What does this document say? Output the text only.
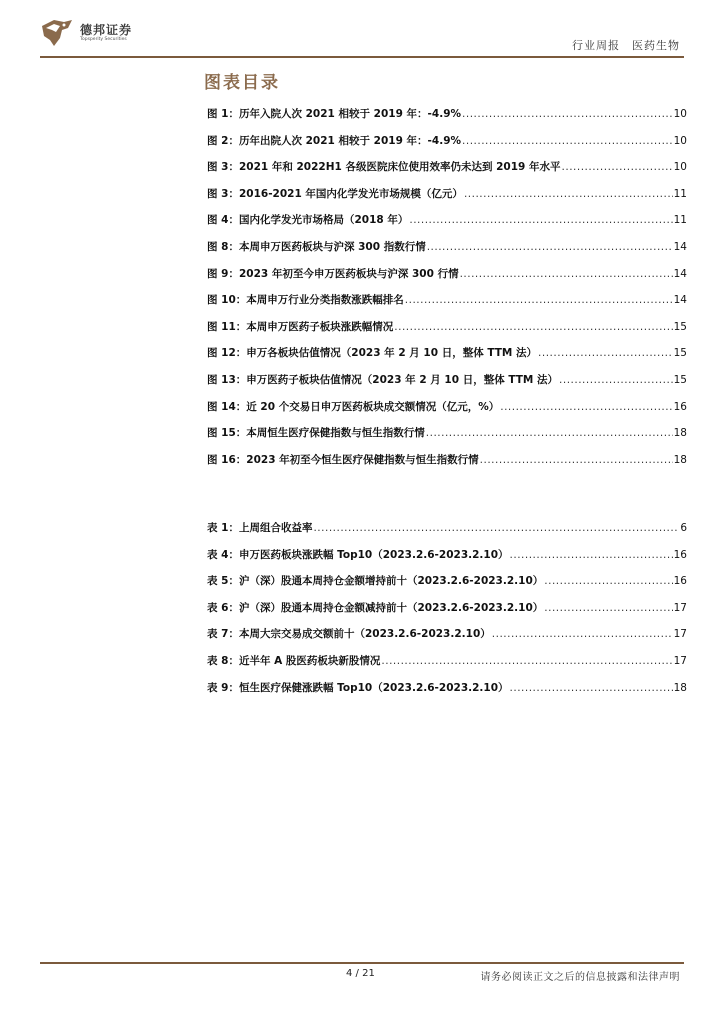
德邦证券
Topsperity Securities	行业周报 医药生物
图表目录
图 1： 历年入院人次 2021 相较于 2019 年：-4.9% .....	10
图 2： 历年出院人次 2021 相较于 2019 年：-4.9% .....	10
图 3： 2021 年和 2022H1 各级医院床位使用效率仍未达到 2019 年水平 .....	10
图 3： 2016-2021 年国内化学发光市场规模（亿元） .....	11
图 4： 国内化学发光市场格局（2018 年） .....	11
图 8： 本周申万医药板块与沪深 300 指数行情 .....	14
图 9： 2023 年初至今申万医药板块与沪深 300 行情 .....	14
图 10： 本周申万行业分类指数涨跌幅排名 .....	14
图 11： 本周申万医药子板块涨跌幅情况 .....	15
图 12： 申万各板块估值情况（2023 年 2 月 10 日，整体 TTM 法） .....	15
图 13： 申万医药子板块估值情况（2023 年 2 月 10 日，整体 TTM 法） .....	15
图 14： 近 20 个交易日申万医药板块成交额情况（亿元，%） .....	16
图 15： 本周恒生医疗保健指数与恒生指数行情 .....	18
图 16： 2023 年初至今恒生医疗保健指数与恒生指数行情 .....	18
表 1： 上周组合收益率 .....	6
表 4： 申万医药板块涨跌幅 Top10（2023.2.6-2023.2.10） .....	16
表 5： 沪（深）股通本周持仓金额增持前十（2023.2.6-2023.2.10） .....	16
表 6： 沪（深）股通本周持仓金额减持前十（2023.2.6-2023.2.10） .....	17
表 7： 本周大宗交易成交额前十（2023.2.6-2023.2.10） .....	17
表 8： 近半年 A 股医药板块新股情况 .....	17
表 9： 恒生医疗保健涨跌幅 Top10（2023.2.6-2023.2.10） .....	18
4 / 21	请务必阅读正文之后的信息披露和法律声明
